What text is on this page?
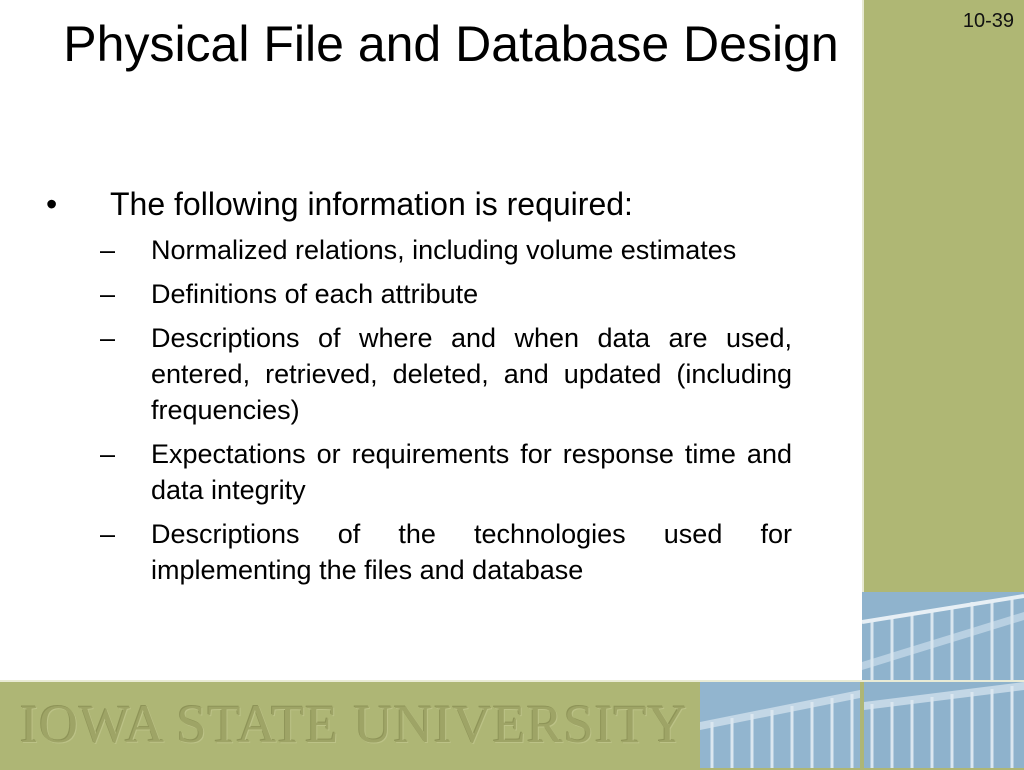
10-39
IOWA STATE UNIVERSITY
Physical File and Database Design
• The following information is required:
– Normalized relations, including volume estimates
– Definitions of each attribute
– Descriptions of where and when data are used, entered, retrieved, deleted, and updated (including frequencies)
– Expectations or requirements for response time and data integrity
– Descriptions of the technologies used for implementing the files and database
